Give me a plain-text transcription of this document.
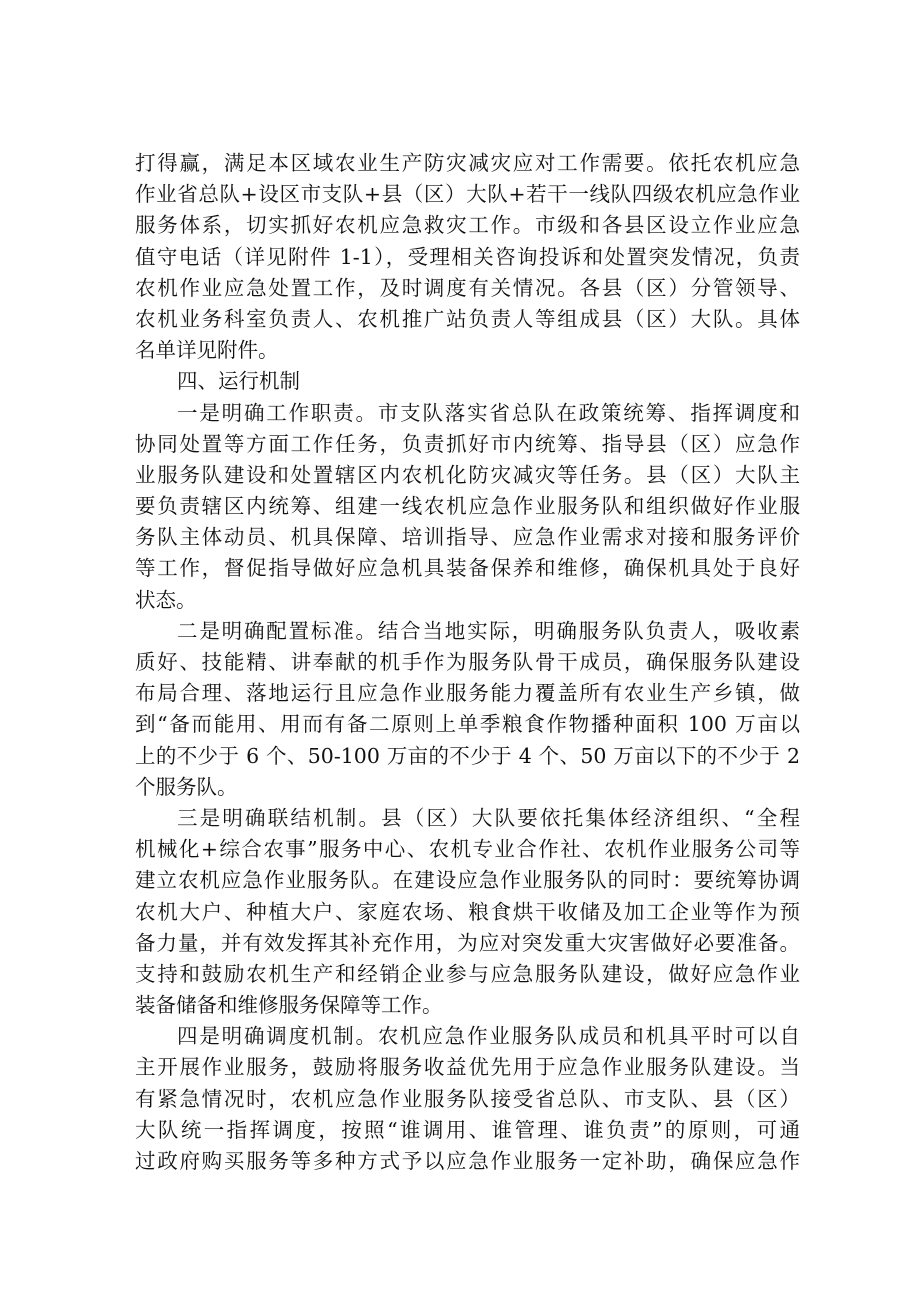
打得赢，满足本区域农业生产防灾减灾应对工作需要。依托农机应急
作业省总队+设区市支队+县（区）大队+若干一线队四级农机应急作业
服务体系，切实抓好农机应急救灾工作。市级和各县区设立作业应急
值守电话（详见附件 1-1），受理相关咨询投诉和处置突发情况，负责
农机作业应急处置工作，及时调度有关情况。各县（区）分管领导、
农机业务科室负责人、农机推广站负责人等组成县（区）大队。具体
名单详见附件。
四、运行机制
一是明确工作职责。市支队落实省总队在政策统筹、指挥调度和
协同处置等方面工作任务，负责抓好市内统筹、指导县（区）应急作
业服务队建设和处置辖区内农机化防灾减灾等任务。县（区）大队主
要负责辖区内统筹、组建一线农机应急作业服务队和组织做好作业服
务队主体动员、机具保障、培训指导、应急作业需求对接和服务评价
等工作，督促指导做好应急机具装备保养和维修，确保机具处于良好
状态。
二是明确配置标准。结合当地实际，明确服务队负责人，吸收素
质好、技能精、讲奉献的机手作为服务队骨干成员，确保服务队建设
布局合理、落地运行且应急作业服务能力覆盖所有农业生产乡镇，做
到“备而能用、用而有备二原则上单季粮食作物播种面积 100 万亩以
上的不少于 6 个、50-100 万亩的不少于 4 个、50 万亩以下的不少于 2
个服务队。
三是明确联结机制。县（区）大队要依托集体经济组织、“全程
机械化+综合农事”服务中心、农机专业合作社、农机作业服务公司等
建立农机应急作业服务队。在建设应急作业服务队的同时：要统筹协调
农机大户、种植大户、家庭农场、粮食烘干收储及加工企业等作为预
备力量，并有效发挥其补充作用，为应对突发重大灾害做好必要准备。
支持和鼓励农机生产和经销企业参与应急服务队建设，做好应急作业
装备储备和维修服务保障等工作。
四是明确调度机制。农机应急作业服务队成员和机具平时可以自
主开展作业服务，鼓励将服务收益优先用于应急作业服务队建设。当
有紧急情况时，农机应急作业服务队接受省总队、市支队、县（区）
大队统一指挥调度，按照“谁调用、谁管理、谁负责”的原则，可通
过政府购买服务等多种方式予以应急作业服务一定补助，确保应急作
